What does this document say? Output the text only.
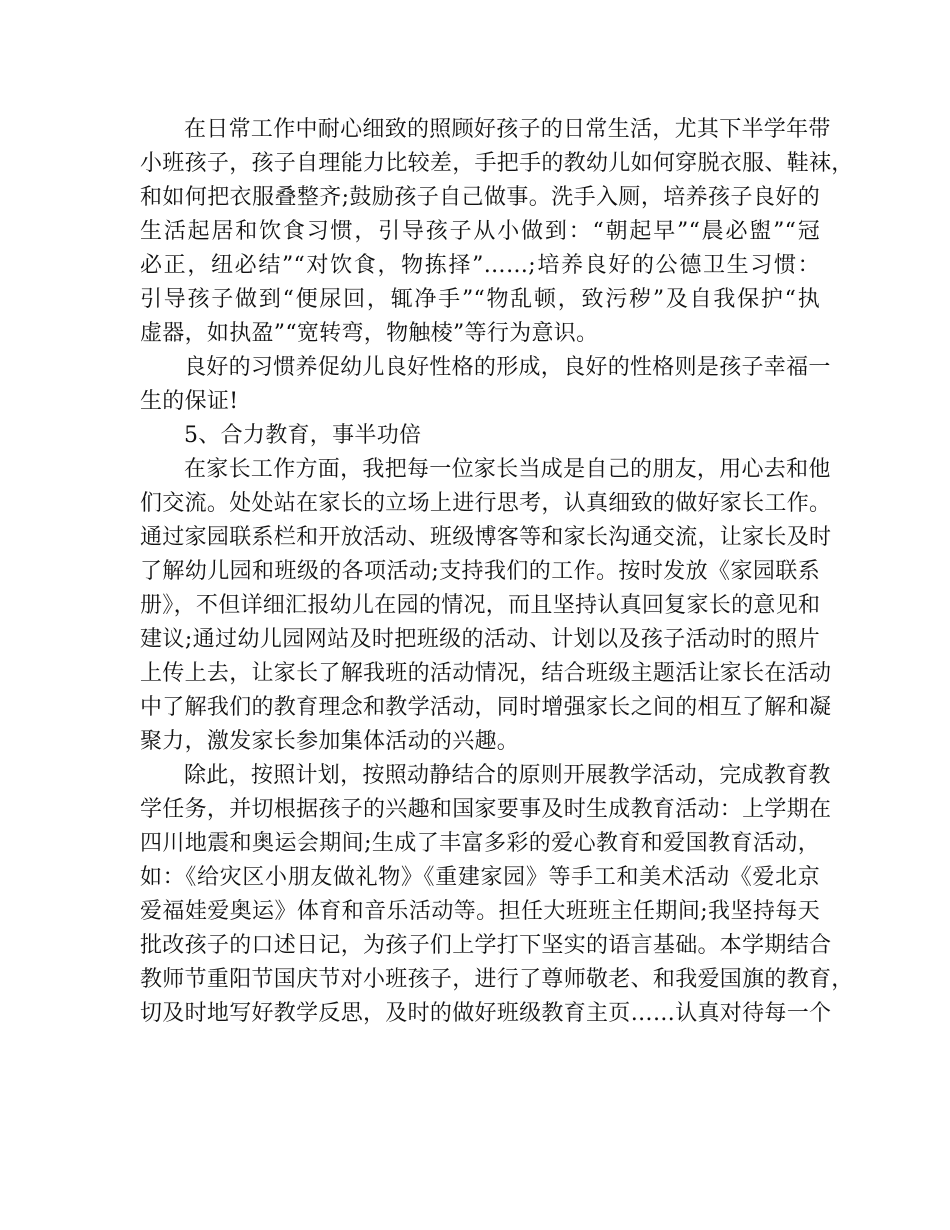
在日常工作中耐心细致的照顾好孩子的日常生活，尤其下半学年带
小班孩子，孩子自理能力比较差，手把手的教幼儿如何穿脱衣服、鞋袜，
和如何把衣服叠整齐;鼓励孩子自己做事。洗手入厕，培养孩子良好的
生活起居和饮食习惯，引导孩子从小做到：“朝起早”“晨必盥”“冠
必正，纽必结”“对饮食，物拣择”……;培养良好的公德卫生习惯：
引导孩子做到“便尿回，辄净手”“物乱顿，致污秽”及自我保护“执
虚器，如执盈”“宽转弯，物触棱”等行为意识。
良好的习惯养促幼儿良好性格的形成，良好的性格则是孩子幸福一
生的保证!
5、合力教育，事半功倍
在家长工作方面，我把每一位家长当成是自己的朋友，用心去和他
们交流。处处站在家长的立场上进行思考，认真细致的做好家长工作。
通过家园联系栏和开放活动、班级博客等和家长沟通交流，让家长及时
了解幼儿园和班级的各项活动;支持我们的工作。按时发放《家园联系
册》，不但详细汇报幼儿在园的情况，而且坚持认真回复家长的意见和
建议;通过幼儿园网站及时把班级的活动、计划以及孩子活动时的照片
上传上去，让家长了解我班的活动情况，结合班级主题活让家长在活动
中了解我们的教育理念和教学活动，同时增强家长之间的相互了解和凝
聚力，激发家长参加集体活动的兴趣。
除此，按照计划，按照动静结合的原则开展教学活动，完成教育教
学任务，并切根据孩子的兴趣和国家要事及时生成教育活动：上学期在
四川地震和奥运会期间;生成了丰富多彩的爱心教育和爱国教育活动，
如：《给灾区小朋友做礼物》《重建家园》等手工和美术活动《爱北京
爱福娃爱奥运》体育和音乐活动等。担任大班班主任期间;我坚持每天
批改孩子的口述日记，为孩子们上学打下坚实的语言基础。本学期结合
教师节重阳节国庆节对小班孩子，进行了尊师敬老、和我爱国旗的教育，
切及时地写好教学反思，及时的做好班级教育主页……认真对待每一个
